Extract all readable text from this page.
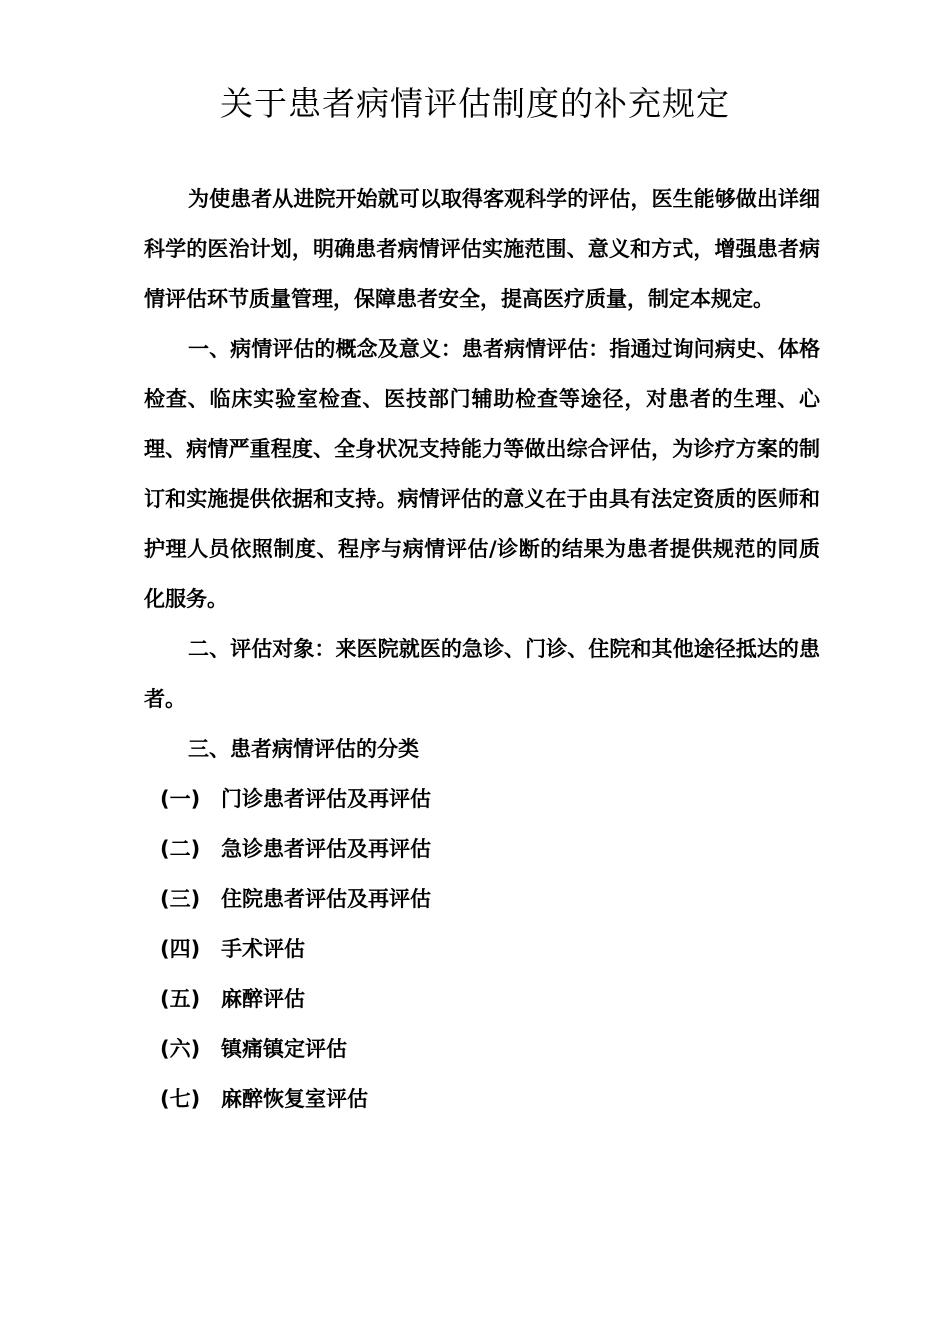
关于患者病情评估制度的补充规定

为使患者从进院开始就可以取得客观科学的评估，医生能够做出详细科学的医治计划，明确患者病情评估实施范围、意义和方式，增强患者病情评估环节质量管理，保障患者安全，提高医疗质量，制定本规定。

一、病情评估的概念及意义：患者病情评估：指通过询问病史、体格检查、临床实验室检查、医技部门辅助检查等途径，对患者的生理、心理、病情严重程度、全身状况支持能力等做出综合评估，为诊疗方案的制订和实施提供依据和支持。病情评估的意义在于由具有法定资质的医师和护理人员依照制度、程序与病情评估/诊断的结果为患者提供规范的同质化服务。

二、评估对象：来医院就医的急诊、门诊、住院和其他途径抵达的患者。

三、患者病情评估的分类

(一) 门诊患者评估及再评估
(二) 急诊患者评估及再评估
(三) 住院患者评估及再评估
(四) 手术评估
(五) 麻醉评估
(六) 镇痛镇定评估
(七) 麻醉恢复室评估
